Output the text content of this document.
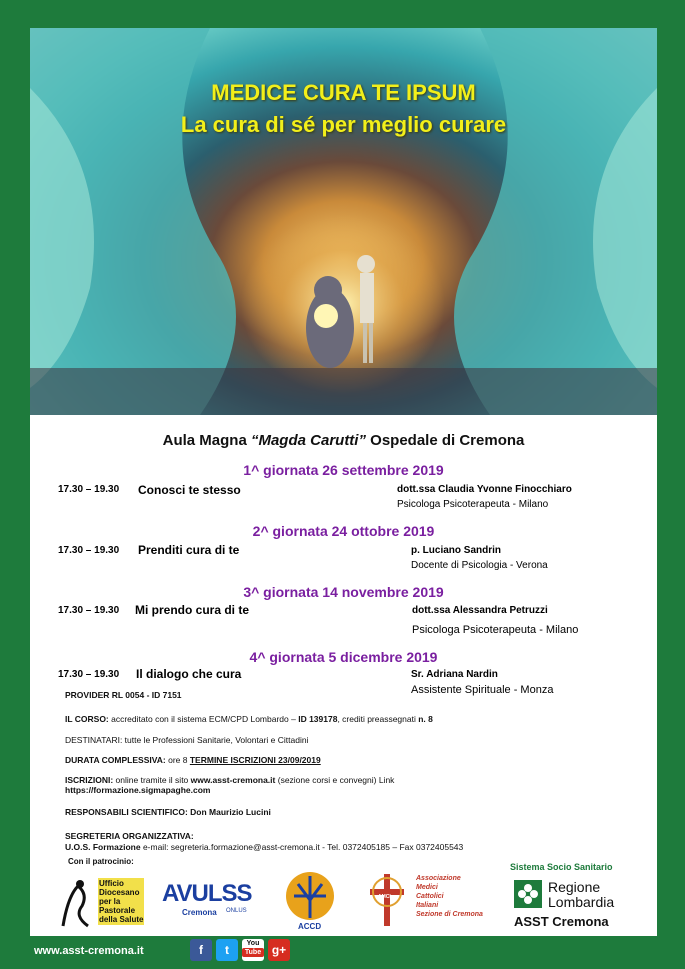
MEDICE CURA TE IPSUM
La cura di sé per meglio curare
Aula Magna “Magda Carutti” Ospedale di Cremona
1^ giornata 26 settembre 2019
17.30 – 19.30 Conosci te stesso	dott.ssa Claudia Yvonne Finocchiaro
Psicologa Psicoterapeuta - Milano
2^ giornata 24 ottobre 2019
17.30 – 19.30 Prenditi cura di te	p. Luciano Sandrin
Docente di Psicologia - Verona
3^ giornata 14 novembre 2019
17.30 – 19.30 Mi prendo cura di te	dott.ssa Alessandra Petruzzi
Psicologa Psicoterapeuta - Milano
4^ giornata 5 dicembre 2019
17.30 – 19.30 Il dialogo che cura	Sr. Adriana Nardin
Assistente Spirituale - Monza
PROVIDER RL 0054 - ID 7151
IL CORSO: accreditato con il sistema ECM/CPD Lombardo – ID 139178, crediti preassegnati n. 8
DESTINATARI: tutte le Professioni Sanitarie, Volontari e Cittadini
DURATA COMPLESSIVA: ore 8 TERMINE ISCRIZIONI 23/09/2019
ISCRIZIONI: online tramite il sito www.asst-cremona.it (sezione corsi e convegni) Link
https://formazione.sigmapaghe.com
RESPONSABILI SCIENTIFICO: Don Maurizio Lucini
SEGRETERIA ORGANIZZATIVA:
U.O.S. Formazione e-mail: segreteria.formazione@asst-cremona.it - Tel. 0372405185 – Fax 0372405543
Con il patrocinio:
Ufficio
Diocesano
per la
Pastorale
della Salute
AVULSS
Cremona ONLUS
ACCD
AMCI
Associazione
Medici
Cattolici
Italiani
Sezione di Cremona
Sistema Socio Sanitario
Regione
Lombardia
ASST Cremona
www.asst-cremona.it	f	t	You
Tube g+
